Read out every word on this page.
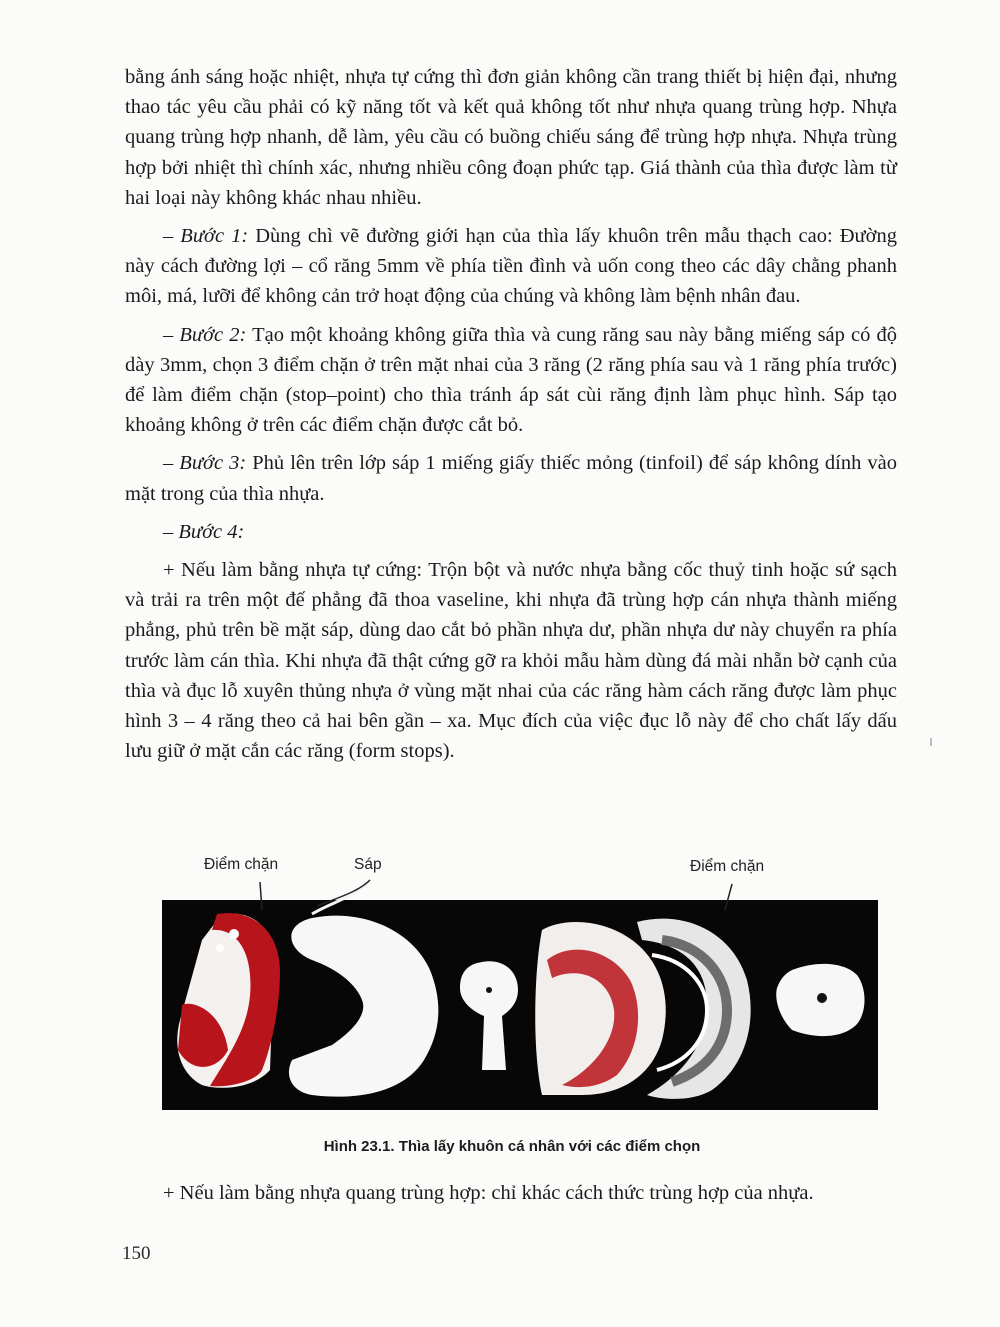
bằng ánh sáng hoặc nhiệt, nhựa tự cứng thì đơn giản không cần trang thiết bị hiện đại, nhưng thao tác yêu cầu phải có kỹ năng tốt và kết quả không tốt như nhựa quang trùng hợp. Nhựa quang trùng hợp nhanh, dễ làm, yêu cầu có buồng chiếu sáng để trùng hợp nhựa. Nhựa trùng hợp bởi nhiệt thì chính xác, nhưng nhiều công đoạn phức tạp. Giá thành của thìa được làm từ hai loại này không khác nhau nhiều.

– Bước 1: Dùng chì vẽ đường giới hạn của thìa lấy khuôn trên mẫu thạch cao: Đường này cách đường lợi – cổ răng 5mm về phía tiền đình và uốn cong theo các dây chằng phanh môi, má, lưỡi để không cản trở hoạt động của chúng và không làm bệnh nhân đau.

– Bước 2: Tạo một khoảng không giữa thìa và cung răng sau này bằng miếng sáp có độ dày 3mm, chọn 3 điểm chặn ở trên mặt nhai của 3 răng (2 răng phía sau và 1 răng phía trước) để làm điểm chặn (stop–point) cho thìa tránh áp sát cùi răng định làm phục hình. Sáp tạo khoảng không ở trên các điểm chặn được cắt bỏ.

– Bước 3: Phủ lên trên lớp sáp 1 miếng giấy thiếc mỏng (tinfoil) để sáp không dính vào mặt trong của thìa nhựa.

– Bước 4:

+ Nếu làm bằng nhựa tự cứng: Trộn bột và nước nhựa bằng cốc thuỷ tinh hoặc sứ sạch và trải ra trên một đế phẳng đã thoa vaseline, khi nhựa đã trùng hợp cán nhựa thành miếng phẳng, phủ trên bề mặt sáp, dùng dao cắt bỏ phần nhựa dư, phần nhựa dư này chuyển ra phía trước làm cán thìa. Khi nhựa đã thật cứng gỡ ra khỏi mẫu hàm dùng đá mài nhẵn bờ cạnh của thìa và đục lỗ xuyên thủng nhựa ở vùng mặt nhai của các răng hàm cách răng được làm phục hình 3 – 4 răng theo cả hai bên gần – xa. Mục đích của việc đục lỗ này để cho chất lấy dấu lưu giữ ở mặt cắn các răng (form stops).

Điểm chặn	Sáp	Điểm chặn
Hình 23.1. Thìa lấy khuôn cá nhân với các điểm chọn
+ Nếu làm bằng nhựa quang trùng hợp: chỉ khác cách thức trùng hợp của nhựa.
150
